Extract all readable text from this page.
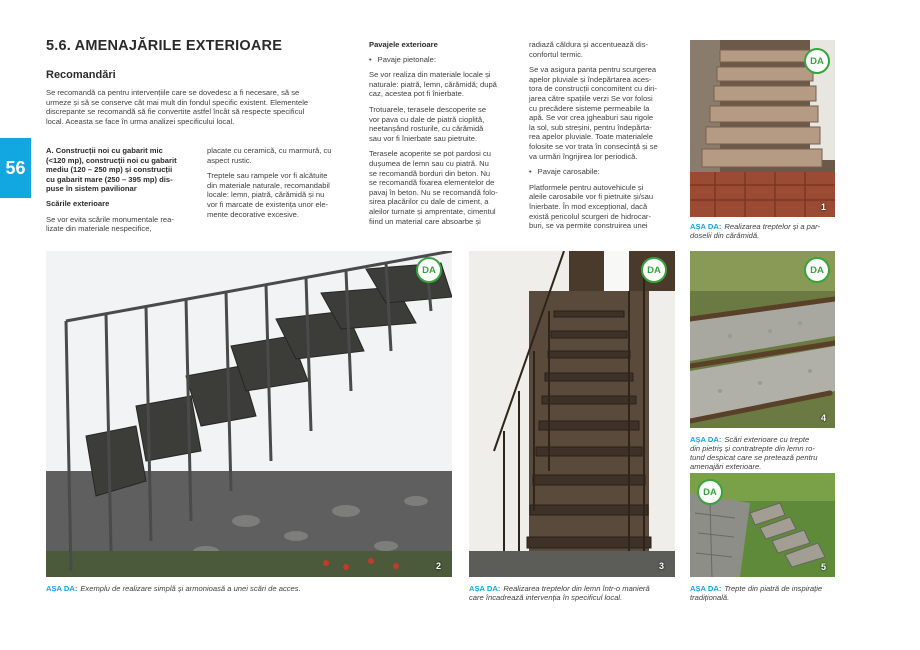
56
5.6. AMENAJĂRILE EXTERIOARE
Recomandări
Se recomandă ca pentru intervențiile care se dovedesc a fi necesare, să se
urmeze și să se conserve cât mai mult din fondul specific existent. Elementele
discrepante se recomandă să fie convertite astfel încât să respecte specificul
local. Aceasta se face în urma analizei specificului local.
A. Construcții noi cu gabarit mic
(<120 mp), construcții noi cu gabarit
mediu (120 – 250 mp) și construcții
cu gabarit mare (250 – 395 mp) dis-
puse în sistem pavilionar
Scările exterioare
Se vor evita scările monumentale rea-
lizate din materiale nespecifice,
placate cu ceramică, cu marmură, cu
aspect rustic.
Treptele sau rampele vor fi alcătuite
din materiale naturale, recomandabil
locale: lemn, piatră, cărămidă și nu
vor fi marcate de existența unor ele-
mente decorative excesive.
Pavajele exterioare
• Pavaje pietonale:
Se vor realiza din materiale locale și
naturale: piatră, lemn, cărămidă; după
caz, acestea pot fi înierbate.
Trotuarele, terasele descoperite se
vor pava cu dale de piatră cioplită,
neetanșând rosturile, cu cărămidă
sau vor fi înierbate sau pietruite.
Terasele acoperite se pot pardosi cu
dușumea de lemn sau cu piatră. Nu
se recomandă borduri din beton. Nu
se recomandă fixarea elementelor de
pavaj în beton. Nu se recomandă folo-
sirea placărilor cu dale de ciment, a
aleilor turnate și amprentate, cimentul
fiind un material care absoarbe și
radiază căldura și accentuează dis-
confortul termic.
Se va asigura panta pentru scurgerea
apelor pluviale și îndepărtarea aces-
tora de construcții concomitent cu diri-
jarea către spațiile verzi Se vor folosi
cu precădere sisteme permeabile la
apă. Se vor crea jgheaburi sau rigole
la sol, sub streșini, pentru îndepărta-
rea apelor pluviale. Toate materialele
folosite se vor trata în consecință și se
va urmări îngrijirea lor periodică.
• Pavaje carosabile:
Platformele pentru autovehicule și
aleile carosabile vor fi pietruite și/sau
înierbate. În mod excepțional, dacă
există pericolul scurgeri de hidrocar-
buri, se va permite construirea unei
DA
1
AȘA DA: Realizarea treptelor și a par-
doselii din cărămidă.
DA
2
AȘA DA: Exemplu de realizare simplă și armonioasă a unei scări de acces.
DA
3
AȘA DA: Realizarea treptelor din lemn într-o manieră
care încadrează intervenția în specificul local.
DA
4
AȘA DA: Scări exterioare cu trepte
din pietriș și contratrepte din lemn ro-
tund despicat care se pretează pentru
amenajări exterioare.
DA
5
AȘA DA: Trepte din piatră de inspirație
tradițională.
